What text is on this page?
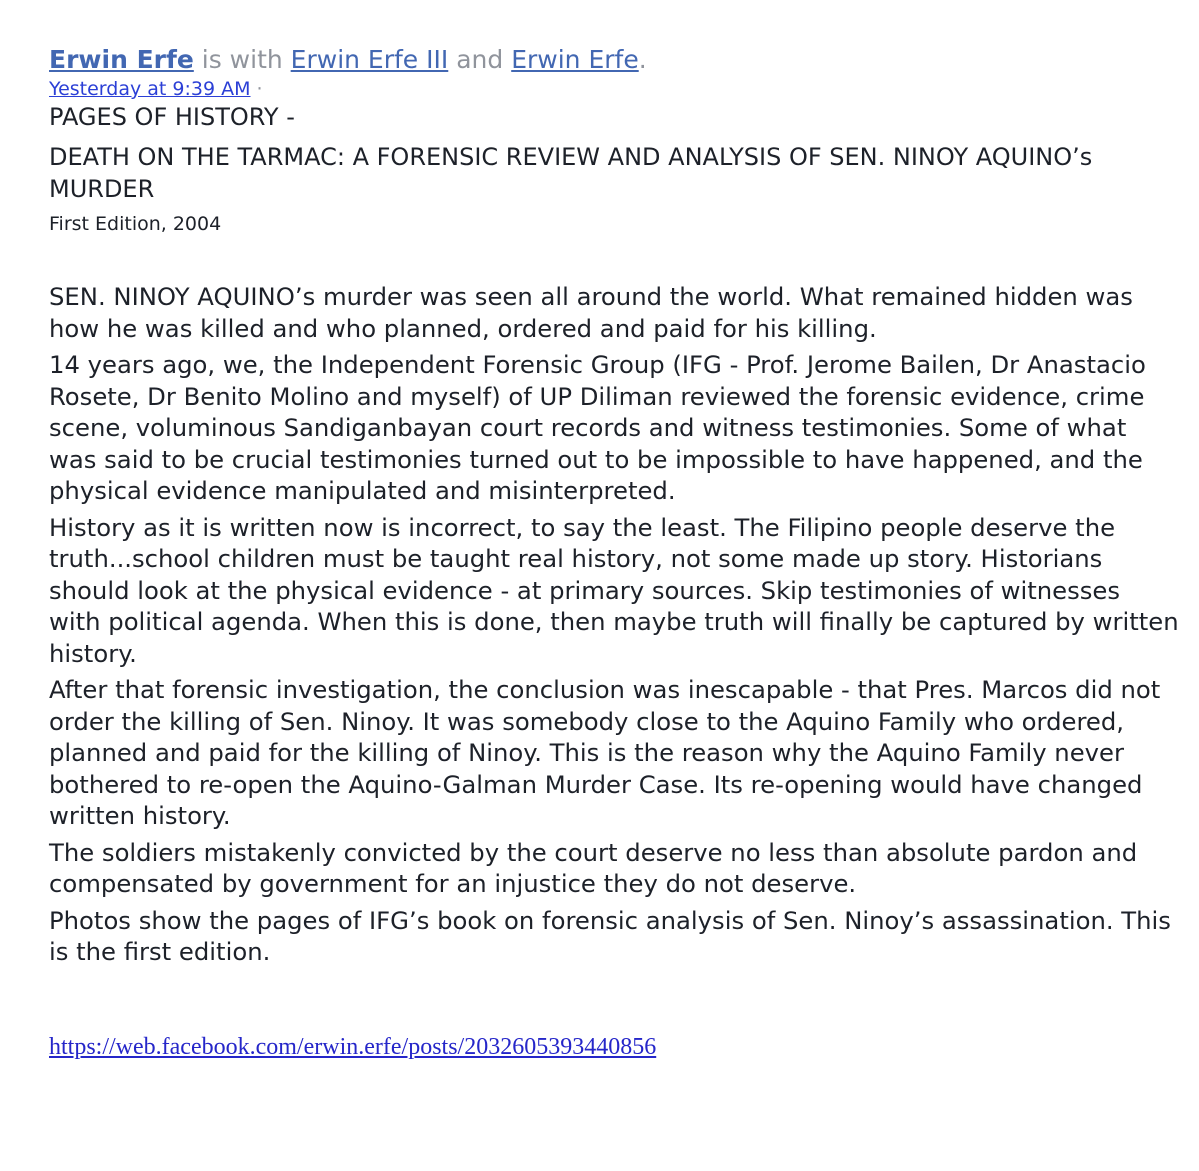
Erwin Erfe is with Erwin Erfe III and Erwin Erfe.
Yesterday at 9:39 AM ·

PAGES OF HISTORY -

DEATH ON THE TARMAC: A FORENSIC REVIEW AND ANALYSIS OF SEN. NINOY AQUINO’s MURDER

First Edition, 2004

SEN. NINOY AQUINO’s murder was seen all around the world. What remained hidden was how he was killed and who planned, ordered and paid for his killing.

14 years ago, we, the Independent Forensic Group (IFG - Prof. Jerome Bailen, Dr Anastacio Rosete, Dr Benito Molino and myself) of UP Diliman reviewed the forensic evidence, crime scene, voluminous Sandiganbayan court records and witness testimonies. Some of what was said to be crucial testimonies turned out to be impossible to have happened, and the physical evidence manipulated and misinterpreted.

History as it is written now is incorrect, to say the least. The Filipino people deserve the truth...school children must be taught real history, not some made up story. Historians should look at the physical evidence - at primary sources. Skip testimonies of witnesses with political agenda. When this is done, then maybe truth will finally be captured by written history.

After that forensic investigation, the conclusion was inescapable - that Pres. Marcos did not order the killing of Sen. Ninoy. It was somebody close to the Aquino Family who ordered, planned and paid for the killing of Ninoy. This is the reason why the Aquino Family never bothered to re-open the Aquino-Galman Murder Case. Its re-opening would have changed written history.

The soldiers mistakenly convicted by the court deserve no less than absolute pardon and compensated by government for an injustice they do not deserve.

Photos show the pages of IFG’s book on forensic analysis of Sen. Ninoy’s assassination. This is the first edition.

https://web.facebook.com/erwin.erfe/posts/2032605393440856
